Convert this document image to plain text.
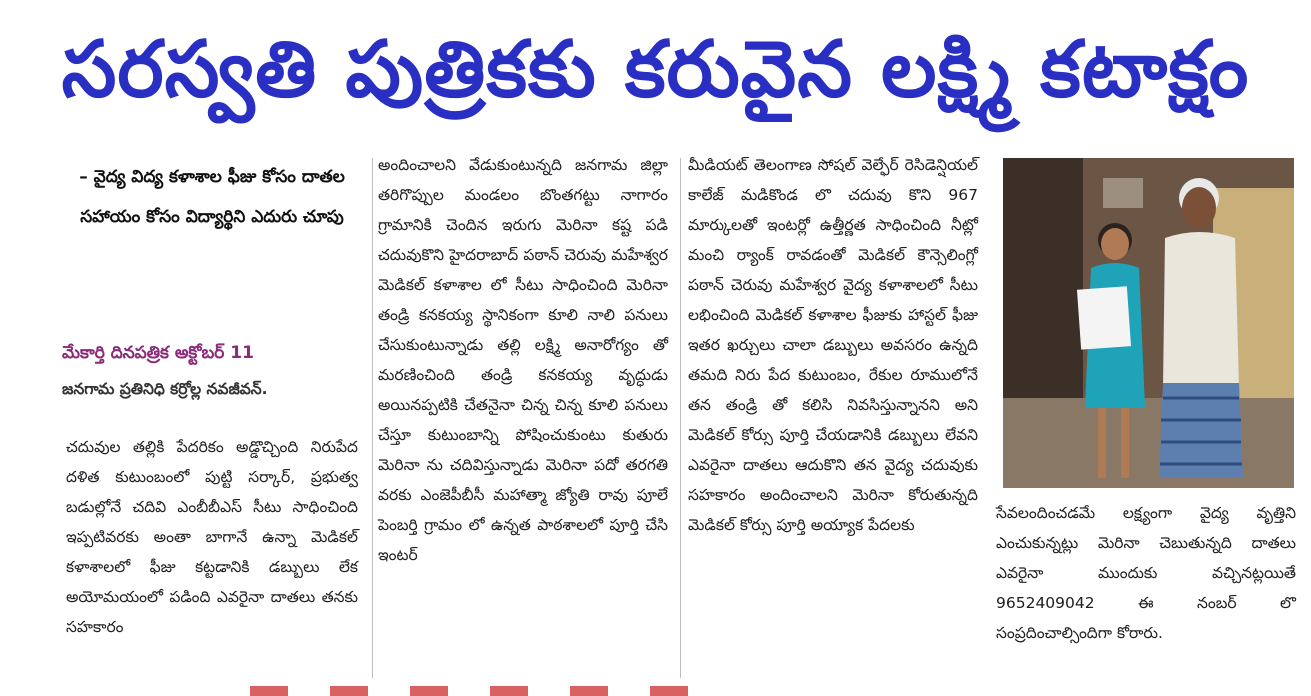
సరస్వతి పుత్రికకు కరువైన లక్ష్మి కటాక్షం
– వైద్య విద్య కళాశాల ఫీజు కోసం దాతల సహాయం కోసం విద్యార్థిని ఎదురు చూపు
మేకార్తి దినపత్రిక అక్టోబర్ 11
జనగామ ప్రతినిధి కర్రోల్ల నవజీవన్.

చదువుల తల్లికి పేదరికం అడ్డొచ్చింది నిరుపేద దళిత కుటుంబంలో పుట్టి సర్కార్, ప్రభుత్వ బడుల్లోనే చదివి ఎంబీబీఎస్ సీటు సాధించింది ఇప్పటివరకు అంతా బాగానే ఉన్నా మెడికల్ కళాశాలలో ఫీజు కట్టడానికి డబ్బులు లేక అయోమయంలో పడింది ఎవరైనా దాతలు తనకు సహకారం

అందించాలని వేడుకుంటున్నది జనగామ జిల్లా తరిగొప్పుల మండలం బొంతగట్టు నాగారం గ్రామానికి చెందిన ఇరుగు మెరినా కష్ట పడి చదువుకొని హైదరాబాద్ పఠాన్ చెరువు మహేశ్వర మెడికల్ కళాశాల లో సీటు సాధించింది మెరినా తండ్రి కనకయ్య స్థానికంగా కూలి నాలి పనులు చేసుకుంటున్నాడు తల్లి లక్ష్మి అనారోగ్యం తో మరణించింది తండ్రి కనకయ్య వృద్ధుడు అయినప్పటికి చేతనైనా చిన్న చిన్న కూలి పనులు చేస్తూ కుటుంబాన్ని పోషించుకుంటు కుతురు మెరినా ను చదివిస్తున్నాడు మెరినా పదో తరగతి వరకు ఎంజెపీబీసీ మహాత్మా జ్యోతి రావు పూలే పెంబర్తి గ్రామం లో ఉన్నత పాఠశాలలో పూర్తి చేసి ఇంటర్

మీడియట్ తెలంగాణ సోషల్ వెల్ఫేర్ రెసిడెన్షియల్ కాలేజ్ మడికొండ లొ చదువు కొని 967 మార్కులతో ఇంటర్లో ఉత్తీర్ణత సాధించింది నీట్లో మంచి ర్యాంక్ రావడంతో మెడికల్ కౌన్సెలింగ్లో పఠాన్ చెరువు మహేశ్వర వైద్య కళాశాలలో సీటు లభించింది మెడికల్ కళాశాల ఫీజుకు హాస్టల్ ఫీజు ఇతర ఖర్చులు చాలా డబ్బులు అవసరం ఉన్నది తమది నిరు పేద కుటుంబం, రేకుల రూములోనే తన తండ్రి తో కలిసి నివసిస్తున్నానని అని మెడికల్ కోర్సు పూర్తి చేయడానికి డబ్బులు లేవని ఎవరైనా దాతలు ఆదుకొని తన వైద్య చదువుకు సహకారం అందించాలని మెరినా కోరుతున్నది మెడికల్ కోర్సు పూర్తి అయ్యాక పేదలకు

సేవలందించడమే లక్ష్యంగా వైద్య వృత్తిని ఎంచుకున్నట్లు మెరినా చెబుతున్నది దాతలు ఎవరైనా ముందుకు వచ్చినట్లయితే 9652409042 ఈ నంబర్ లొ సంప్రదించాల్సిందిగా కోరారు.
